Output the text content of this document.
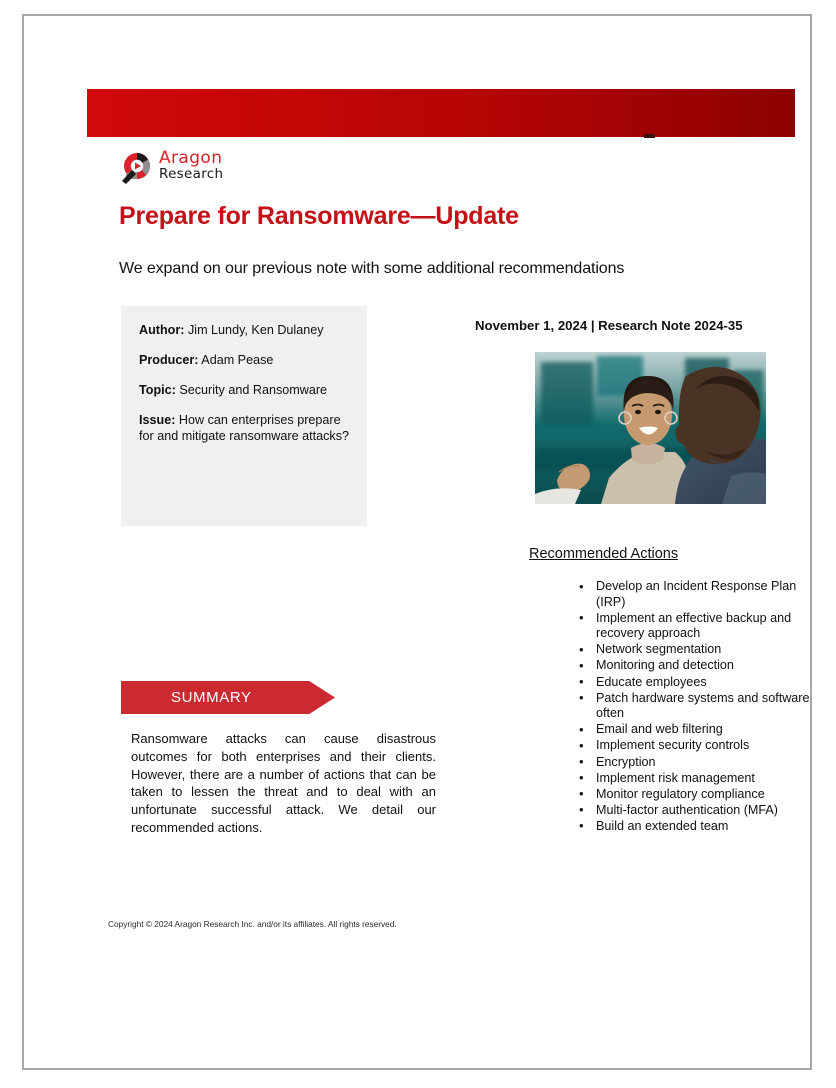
Aragon
Research
Prepare for Ransomware—Update
We expand on our previous note with some additional recommendations
Author: Jim Lundy, Ken Dulaney
Producer: Adam Pease
Topic: Security and Ransomware
Issue: How can enterprises prepare for and mitigate ransomware attacks?
November 1, 2024 | Research Note 2024-35
Recommended Actions
• Develop an Incident Response Plan (IRP)
• Implement an effective backup and recovery approach
• Network segmentation
• Monitoring and detection
• Educate employees
• Patch hardware systems and software often
• Email and web filtering
• Implement security controls
• Encryption
• Implement risk management
• Monitor regulatory compliance
• Multi-factor authentication (MFA)
• Build an extended team
SUMMARY
Ransomware attacks can cause disastrous outcomes for both enterprises and their clients. However, there are a number of actions that can be taken to lessen the threat and to deal with an unfortunate successful attack. We detail our recommended actions.
Copyright © 2024 Aragon Research Inc. and/or its affiliates. All rights reserved.
